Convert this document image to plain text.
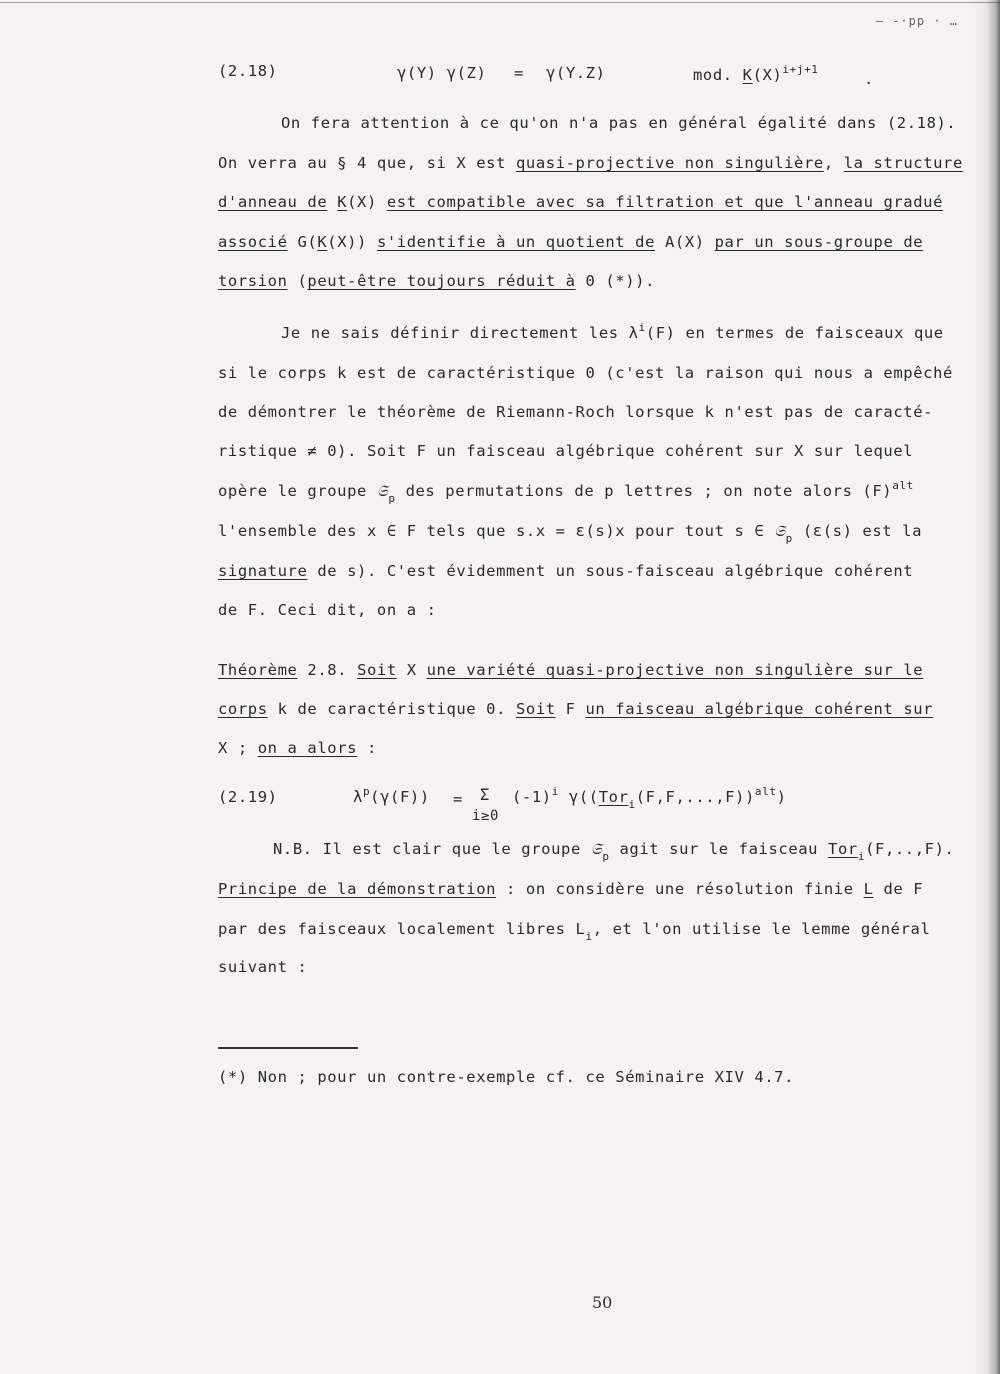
— -·pp · …
(2.18)	γ(Y) γ(Z) = γ(Y.Z)	mod. $K(X)^{i+j+1}$
.
On fera attention à ce qu'on n'a pas en général égalité dans (2.18).
On verra au § 4 que, si X est quasi-projective non singulière, la structure
d'anneau de K(X) est compatible avec sa filtration et que l'anneau gradué
associé G(K(X)) s'identifie à un quotient de A(X) par un sous-groupe de
torsion (peut-être toujours réduit à 0 (*)).
Je ne sais définir directement les $\lambda^i(F)$ en termes de faisceaux que
si le corps k est de caractéristique 0 (c'est la raison qui nous a empêché
de démontrer le théorème de Riemann-Roch lorsque k n'est pas de caracté-
ristique ≠ 0). Soit F un faisceau algébrique cohérent sur X sur lequel
opère le groupe 𝔖$_p$ des permutations de p lettres ; on note alors $(F)^{alt}$
l'ensemble des x ∈ F tels que s.x = ε(s)x pour tout s ∈ 𝔖$_p$ (ε(s) est la
signature de s). C'est évidemment un sous-faisceau algébrique cohérent
de F. Ceci dit, on a :
Théorème 2.8. Soit X une variété quasi-projective non singulière sur le
corps k de caractéristique 0. Soit F un faisceau algébrique cohérent sur
X ; on a alors :
(2.19)	$\lambda^p(\gamma(F)) = \Sigma$
i≥0
$(-1)^i$ $\gamma((Tor_i(F,F,...,F))^{alt})$
N.B. Il est clair que le groupe 𝔖$_p$ agit sur le faisceau Tor$_i$(F,..,F).
Principe de la démonstration : on considère une résolution finie L de F
par des faisceaux localement libres $L_i$, et l'on utilise le lemme général
suivant :
(*) Non ; pour un contre-exemple cf. ce Séminaire XIV 4.7.
50
